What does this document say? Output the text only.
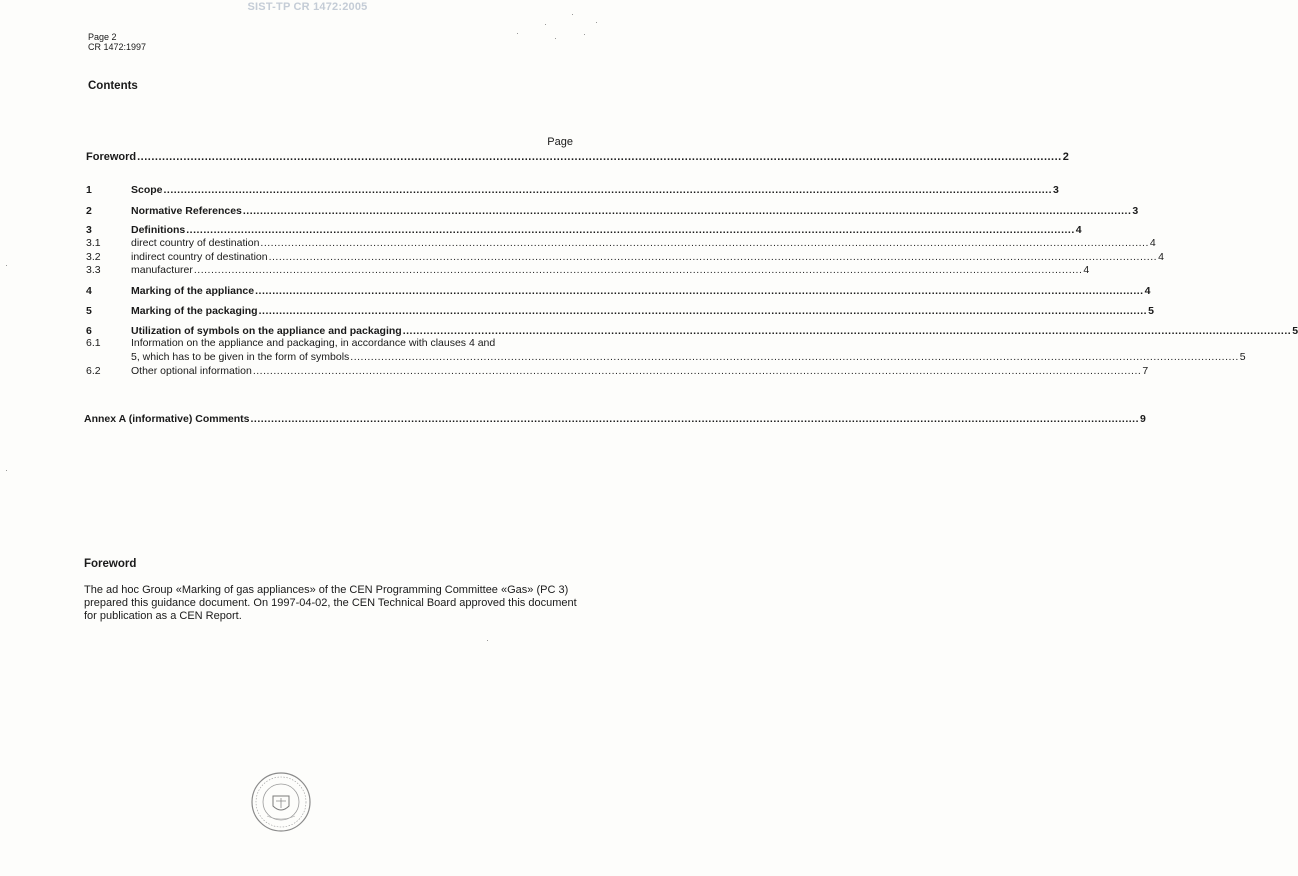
SIST-TP CR 1472:2005
Page 2
CR 1472:1997
Contents
Page
Foreword .................................................................................................................................................................................................................................................................... 2
1	Scope .................................................................................................................................................................................................................................................................... 3
2	Normative References .................................................................................................................................................................................................................................................................... 3
3	Definitions .................................................................................................................................................................................................................................................................... 4
3.1	direct country of destination .................................................................................................................................................................................................................................................................... 4
3.2	indirect country of destination .................................................................................................................................................................................................................................................................... 4
3.3	manufacturer .................................................................................................................................................................................................................................................................... 4
4	Marking of the appliance .................................................................................................................................................................................................................................................................... 4
5	Marking of the packaging .................................................................................................................................................................................................................................................................... 5
6	Utilization of symbols on the appliance and packaging .................................................................................................................................................................................................................................................................... 5
6.1	Information on the appliance and packaging, in accordance with clauses 4 and
5, which has to be given in the form of symbols .................................................................................................................................................................................................................................................................... 5
6.2	Other optional information .................................................................................................................................................................................................................................................................... 7
Annex A (informative) Comments .................................................................................................................................................................................................................................................................... 9
Foreword
The ad hoc Group «Marking of gas appliances» of the CEN Programming Committee «Gas» (PC 3) prepared this guidance document. On 1997-04-02, the CEN Technical Board approved this document for publication as a CEN Report.
